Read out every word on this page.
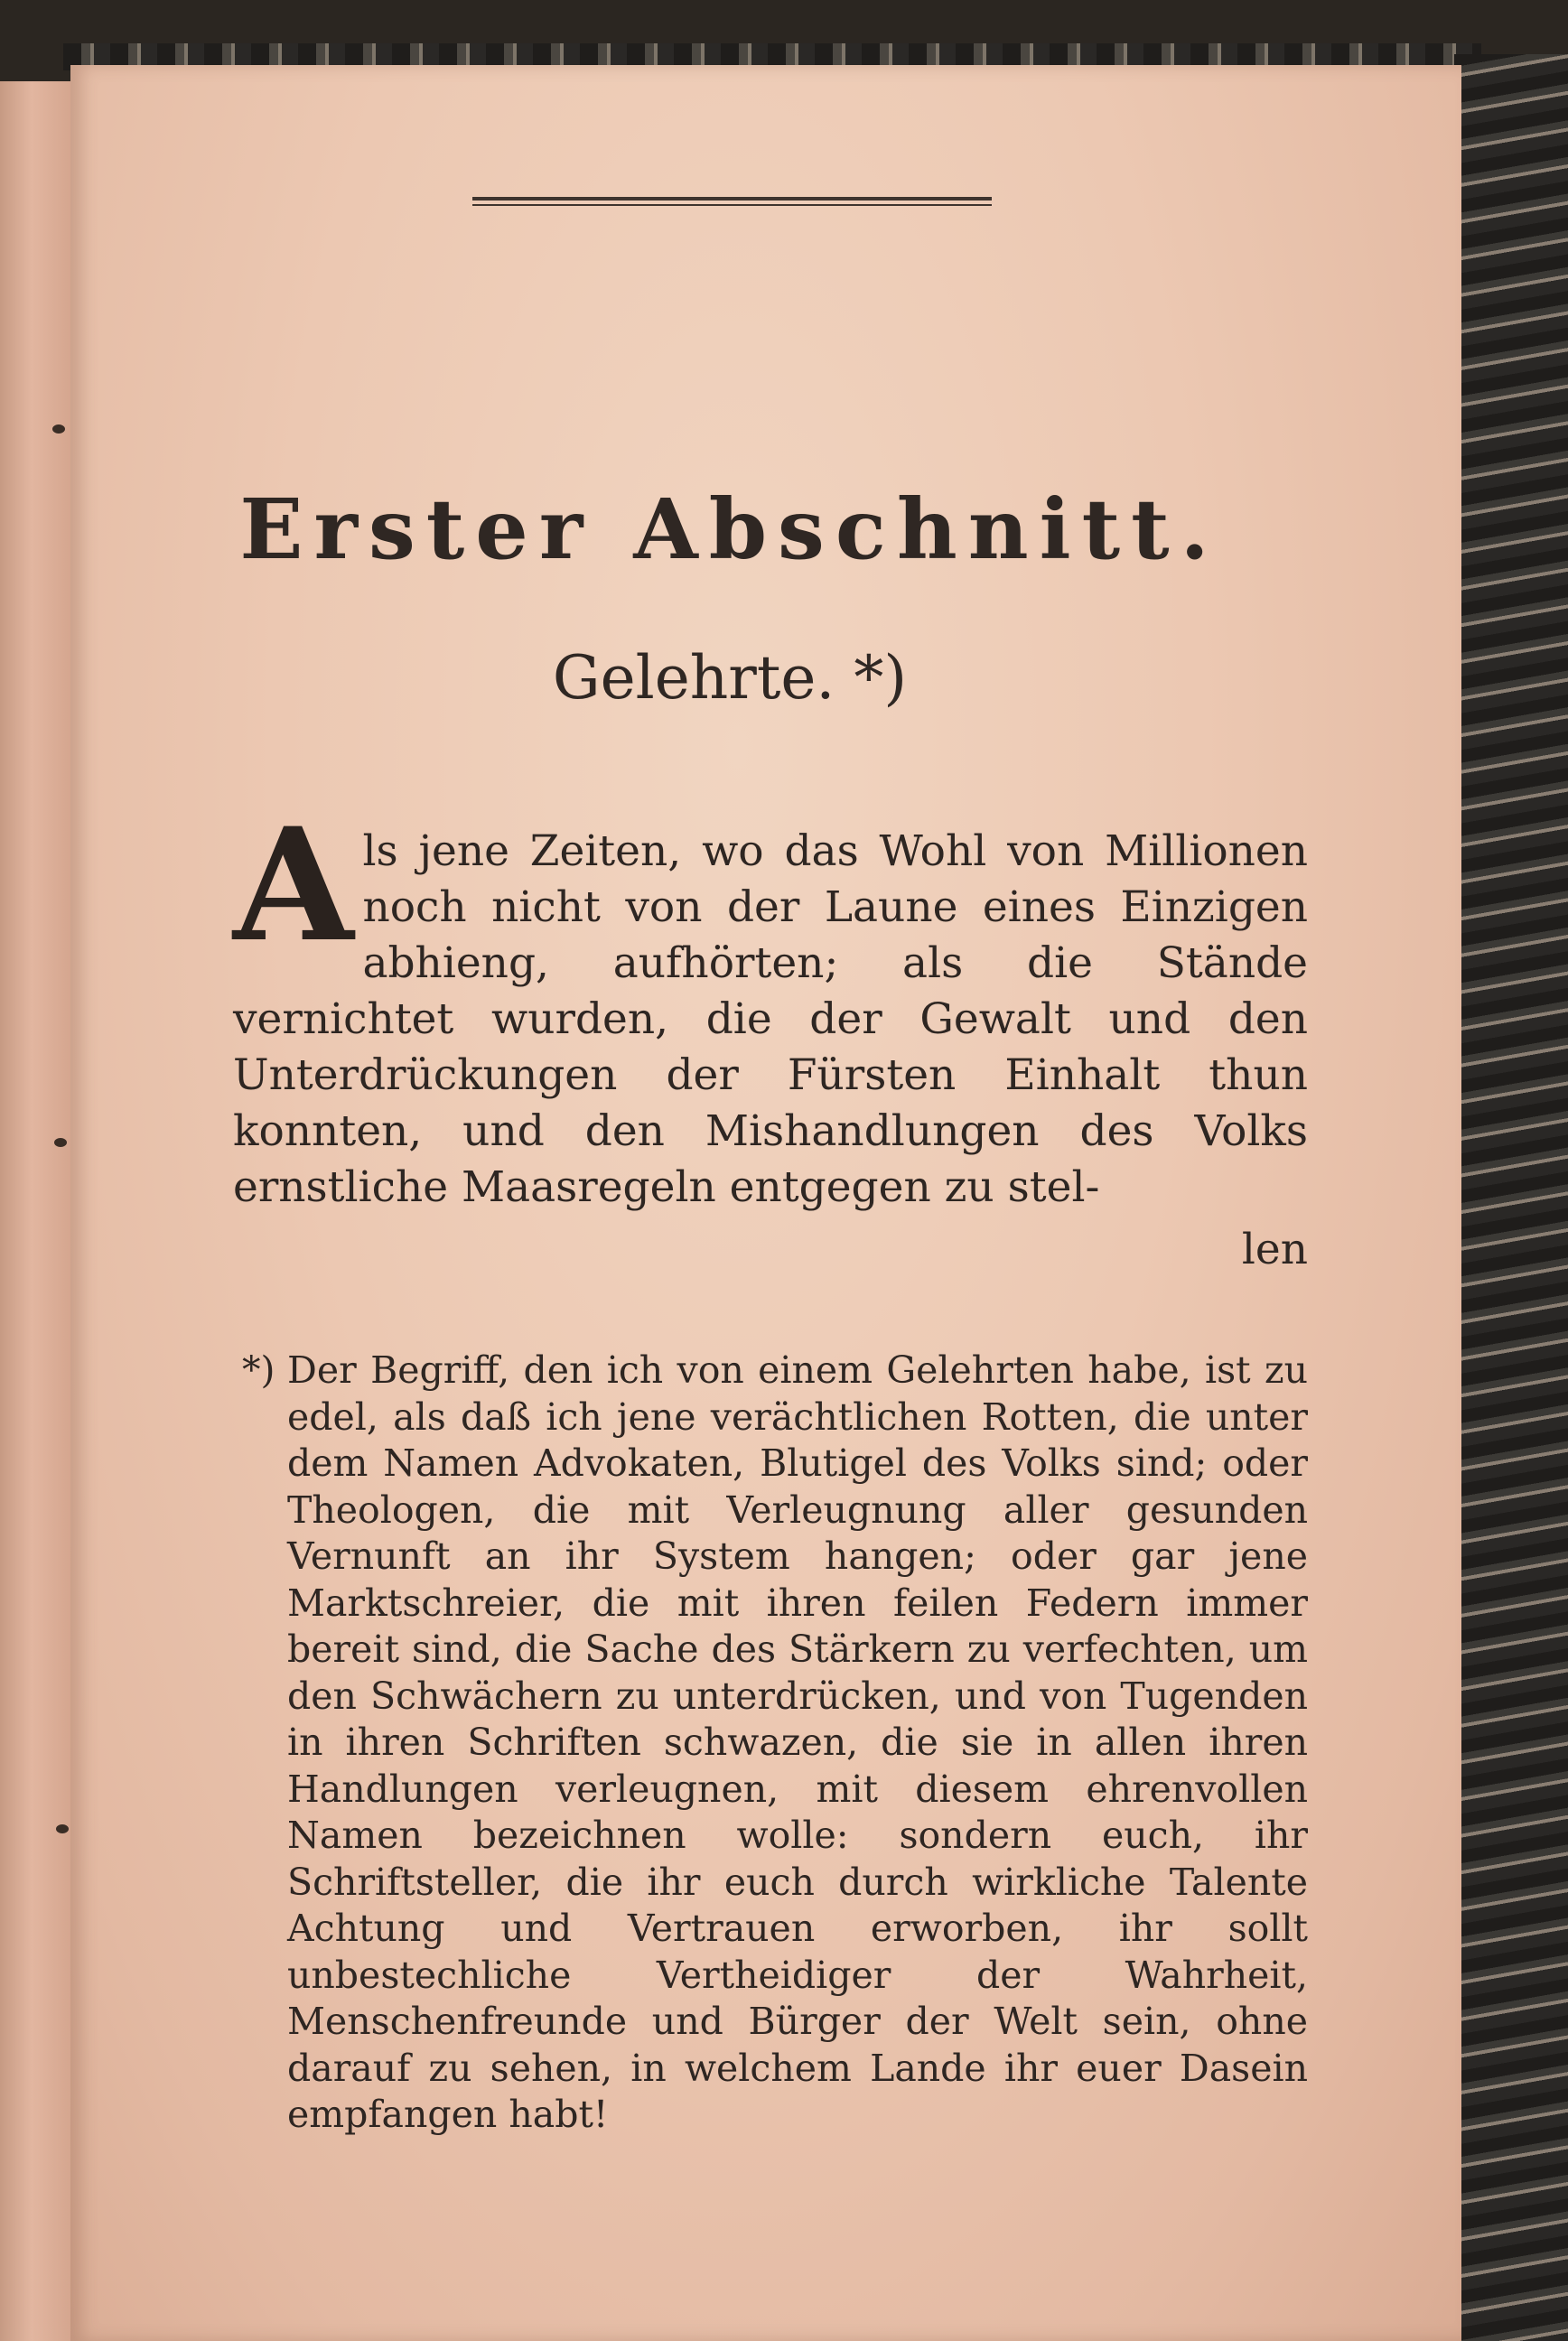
Erster Abschnitt.
Gelehrte. *)
Als jene Zeiten, wo das Wohl von Millionen noch nicht von der Laune eines Einzigen abhieng, aufhörten; als die Stände vernichtet wurden, die der Gewalt und den Unterdrückungen der Fürsten Einhalt thun konnten, und den Mishandlungen des Volks ernstliche Maasregeln entgegen zu stel-
len
*) Der Begriff, den ich von einem Gelehrten habe, ist zu edel, als daß ich jene verächtlichen Rotten, die unter dem Namen Advokaten, Blutigel des Volks sind; oder Theologen, die mit Verleugnung aller gesunden Vernunft an ihr System hangen; oder gar jene Marktschreier, die mit ihren feilen Federn immer bereit sind, die Sache des Stärkern zu verfechten, um den Schwächern zu unterdrücken, und von Tugenden in ihren Schriften schwazen, die sie in allen ihren Handlungen verleugnen, mit diesem ehrenvollen Namen bezeichnen wolle: sondern euch, ihr Schriftsteller, die ihr euch durch wirkliche Talente Achtung und Vertrauen erworben, ihr sollt unbestechliche Vertheidiger der Wahrheit, Menschenfreunde und Bürger der Welt sein, ohne darauf zu sehen, in welchem Lande ihr euer Dasein empfangen habt!
